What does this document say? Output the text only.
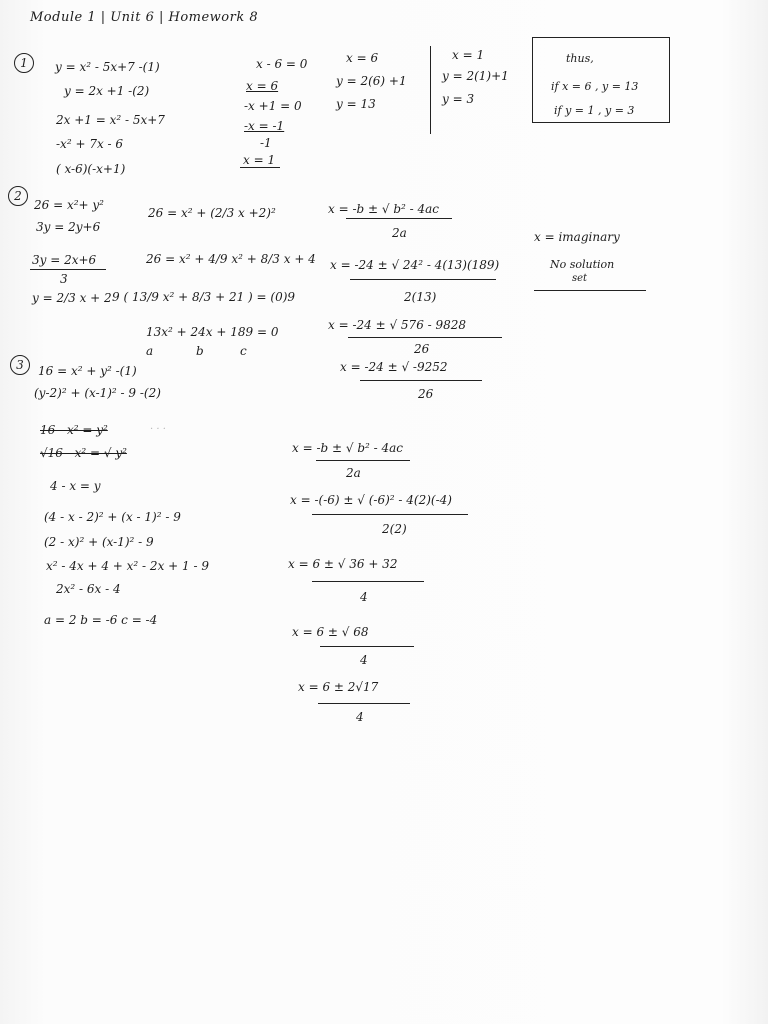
Module 1 | Unit 6 | Homework 8
1	y = x² - 5x+7 -(1)
y = 2x +1 -(2)
2x +1 = x² - 5x+7
-x² + 7x - 6
( x-6)(-x+1)
x - 6 = 0
x = 6
-x +1 = 0
-x = -1
-1
x = 1
x = 6
y = 2(6) +1
y = 13
x = 1
y = 2(1)+1
y = 3
thus,
if x = 6 , y = 13
if y = 1 , y = 3
2
26 = x²+ y²
3y = 2y+6
3y = 2x+6
3
y = 2/3 x + 2
26 = x² + (2/3 x +2)²
26 = x² + 4/9 x² + 8/3 x + 4
9 ( 13/9 x² + 8/3 + 21 ) = (0)9
13x² + 24x + 189 = 0
a	b	c
x = -b ± √ b² - 4ac
2a
x = -24 ± √ 24² - 4(13)(189)
2(13)
x = -24 ± √ 576 - 9828
26
x = -24 ± √ -9252
26
x = imaginary
No solution
set
3	16 = x² + y² -(1)
(y-2)² + (x-1)² - 9 -(2)
16 - x² = y²
√16 - x² = √ y²
4 - x = y
(4 - x - 2)² + (x - 1)² - 9
(2 - x)² + (x-1)² - 9
x² - 4x + 4 + x² - 2x + 1 - 9
2x² - 6x - 4
a = 2 b = -6 c = -4
x = -b ± √ b² - 4ac
2a
x = -(-6) ± √ (-6)² - 4(2)(-4)
2(2)
x = 6 ± √ 36 + 32
4
x = 6 ± √ 68
4
x = 6 ± 2√17
4
· · ·
